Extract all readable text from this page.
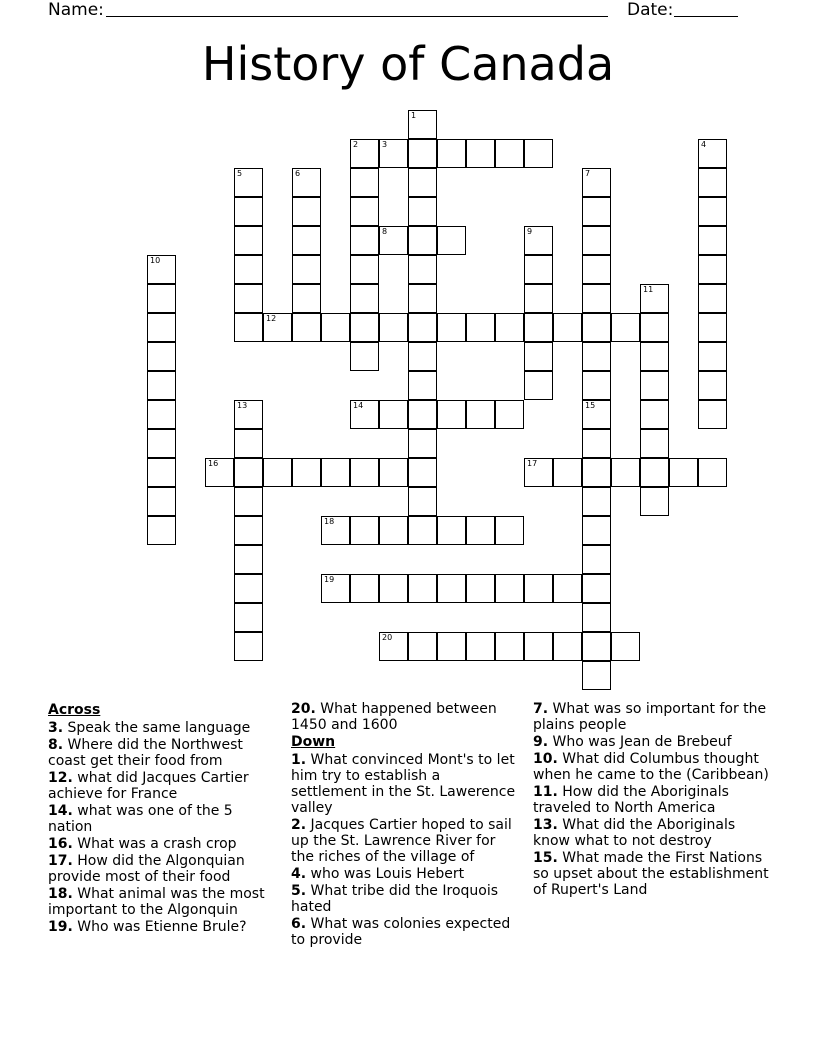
Name:	Date:
History of Canada
3
12
8
14
16	17
18
19
20
1
2	4
5	6	7
9
10
11
13	15
Across
3. Speak the same language
8. Where did the Northwest coast get their food from
12. what did Jacques Cartier achieve for France
14. what was one of the 5 nation
16. What was a crash crop
17. How did the Algonquian provide most of their food
18. What animal was the most important to the Algonquin
19. Who was Etienne Brule?
20. What happened between 1450 and 1600
Down
1. What convinced Mont's to let him try to establish a settlement in the St. Lawerence valley
2. Jacques Cartier hoped to sail up the St. Lawrence River for the riches of the village of
4. who was Louis Hebert
5. What tribe did the Iroquois hated
6. What was colonies expected to provide
7. What was so important for the plains people
9. Who was Jean de Brebeuf
10. What did Columbus thought when he came to the (Caribbean)
11. How did the Aboriginals traveled to North America
13. What did the Aboriginals know what to not destroy
15. What made the First Nations so upset about the establishment of Rupert's Land
